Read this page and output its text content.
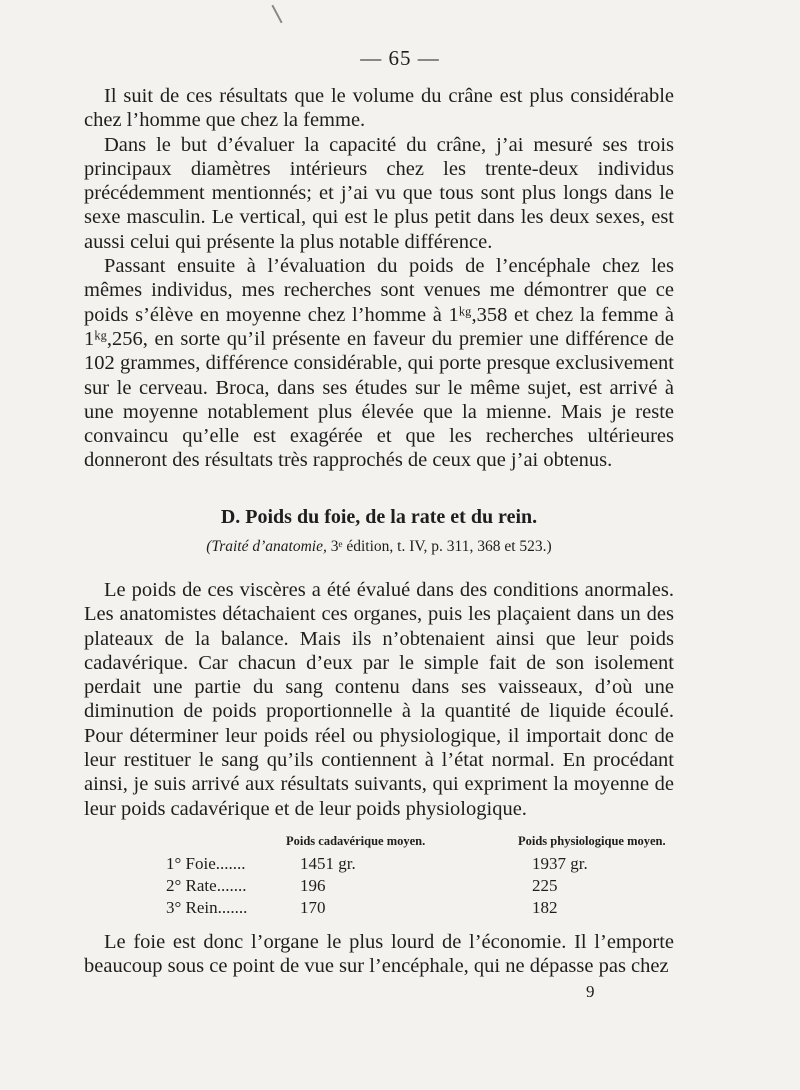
— 65 —

Il suit de ces résultats que le volume du crâne est plus considérable chez l’homme que chez la femme.

Dans le but d’évaluer la capacité du crâne, j’ai mesuré ses trois principaux diamètres intérieurs chez les trente-deux individus précédemment mentionnés; et j’ai vu que tous sont plus longs dans le sexe masculin. Le vertical, qui est le plus petit dans les deux sexes, est aussi celui qui présente la plus notable différence.

Passant ensuite à l’évaluation du poids de l’encéphale chez les mêmes individus, mes recherches sont venues me démontrer que ce poids s’élève en moyenne chez l’homme à 1ᵏᵍ,358 et chez la femme à 1ᵏᵍ,256, en sorte qu’il présente en faveur du premier une différence de 102 grammes, différence considérable, qui porte presque exclusivement sur le cerveau. Broca, dans ses études sur le même sujet, est arrivé à une moyenne notablement plus élevée que la mienne. Mais je reste convaincu qu’elle est exagérée et que les recherches ultérieures donneront des résultats très rapprochés de ceux que j’ai obtenus.

D. Poids du foie, de la rate et du rein.
(Traité d’anatomie, 3ᵉ édition, t. IV, p. 311, 368 et 523.)

Le poids de ces viscères a été évalué dans des conditions anormales. Les anatomistes détachaient ces organes, puis les plaçaient dans un des plateaux de la balance. Mais ils n’obtenaient ainsi que leur poids cadavérique. Car chacun d’eux par le simple fait de son isolement perdait une partie du sang contenu dans ses vaisseaux, d’où une diminution de poids proportionnelle à la quantité de liquide écoulé. Pour déterminer leur poids réel ou physiologique, il importait donc de leur restituer le sang qu’ils contiennent à l’état normal. En procédant ainsi, je suis arrivé aux résultats suivants, qui expriment la moyenne de leur poids cadavérique et de leur poids physiologique.

	Poids cadavérique moyen.	Poids physiologique moyen.
1° Foie.......	1451 gr.	1937 gr.
2° Rate.......	196	225
3° Rein.......	170	182

Le foie est donc l’organe le plus lourd de l’économie. Il l’emporte beaucoup sous ce point de vue sur l’encéphale, qui ne dépasse pas chez

9
